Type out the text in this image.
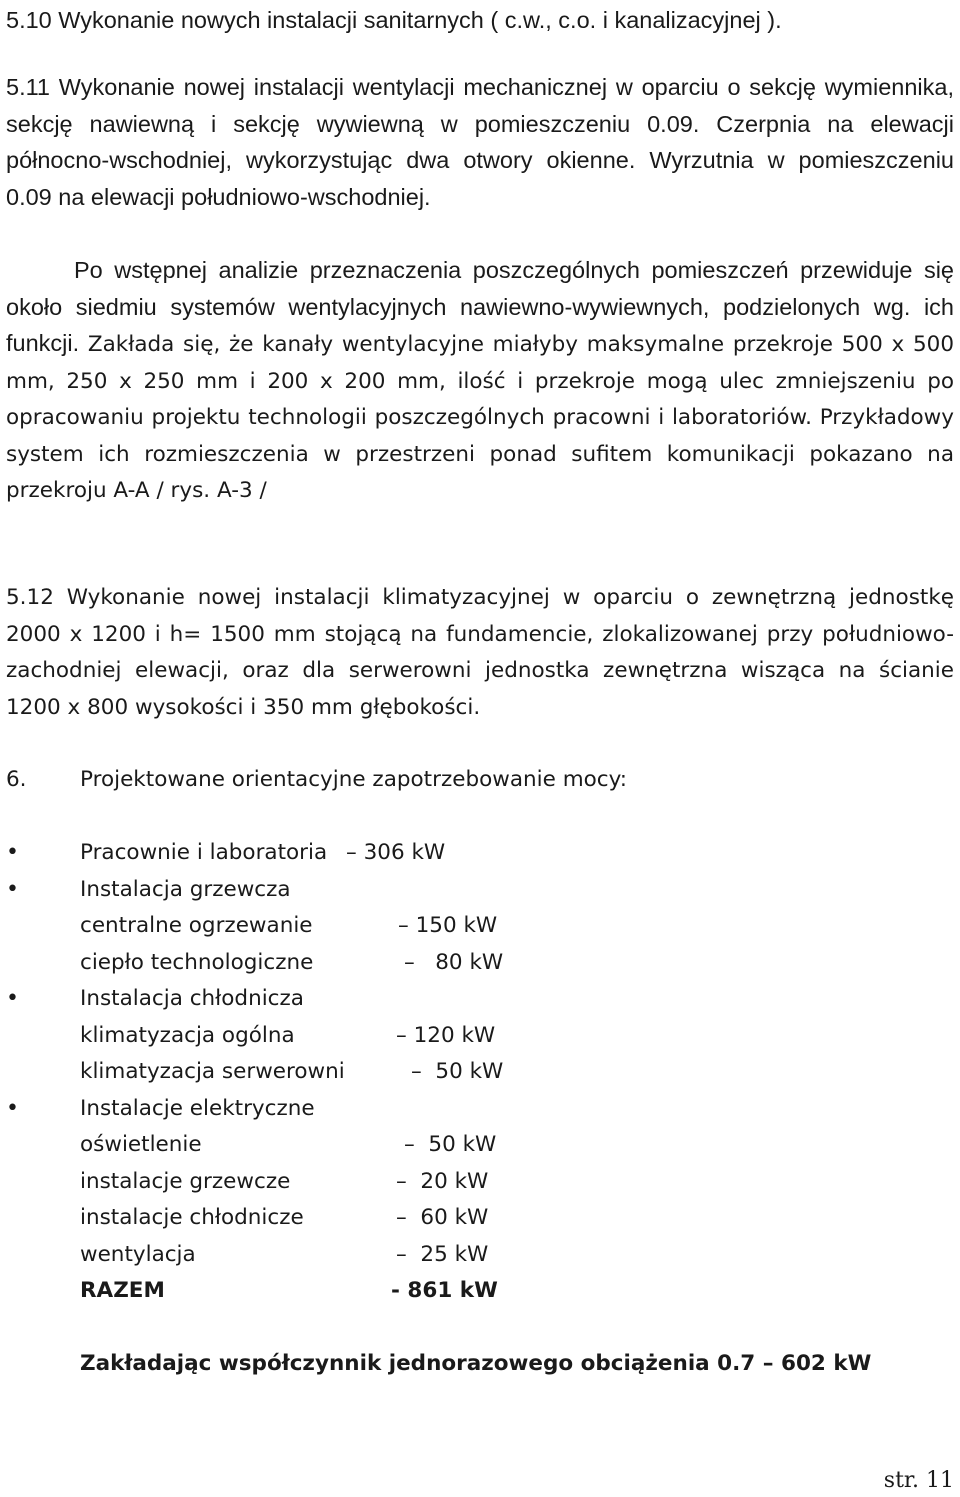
5.10 Wykonanie nowych instalacji sanitarnych ( c.w., c.o. i kanalizacyjnej ).

5.11 Wykonanie nowej instalacji wentylacji mechanicznej w oparciu o sekcję wymiennika, sekcję nawiewną i sekcję wywiewną w pomieszczeniu 0.09. Czerpnia na elewacji północno-wschodniej, wykorzystując dwa otwory okienne. Wyrzutnia w pomieszczeniu 0.09 na elewacji południowo-wschodniej.

Po wstępnej analizie przeznaczenia poszczególnych pomieszczeń przewiduje się około siedmiu systemów wentylacyjnych nawiewno-wywiewnych, podzielonych wg. ich funkcji. Zakłada się, że kanały wentylacyjne miałyby maksymalne przekroje 500 x 500 mm, 250 x 250 mm i 200 x 200 mm, ilość i przekroje mogą ulec zmniejszeniu po opracowaniu projektu technologii poszczególnych pracowni i laboratoriów. Przykładowy system ich rozmieszczenia w przestrzeni ponad sufitem komunikacji pokazano na przekroju A-A / rys. A-3 /

5.12 Wykonanie nowej instalacji klimatyzacyjnej w oparciu o zewnętrzną jednostkę 2000 x 1200 i h= 1500 mm stojącą na fundamencie, zlokalizowanej przy południowo-zachodniej elewacji, oraz dla serwerowni jednostka zewnętrzna wisząca na ścianie 1200 x 800 wysokości i 350 mm głębokości.

6. Projektowane orientacyjne zapotrzebowanie mocy:
•	Pracownie i laboratoria – 306 kW
•	Instalacja grzewcza
centralne ogrzewanie	– 150 kW
ciepło technologiczne	–   80 kW
•	Instalacja chłodnicza
klimatyzacja ogólna	– 120 kW
klimatyzacja serwerowni	–  50 kW
•	Instalacje elektryczne
oświetlenie	–  50 kW
instalacje grzewcze	–  20 kW
instalacje chłodnicze	–  60 kW
wentylacja	–  25 kW
RAZEM	- 861 kW
Zakładając współczynnik jednorazowego obciążenia 0.7 – 602 kW
str. 11
